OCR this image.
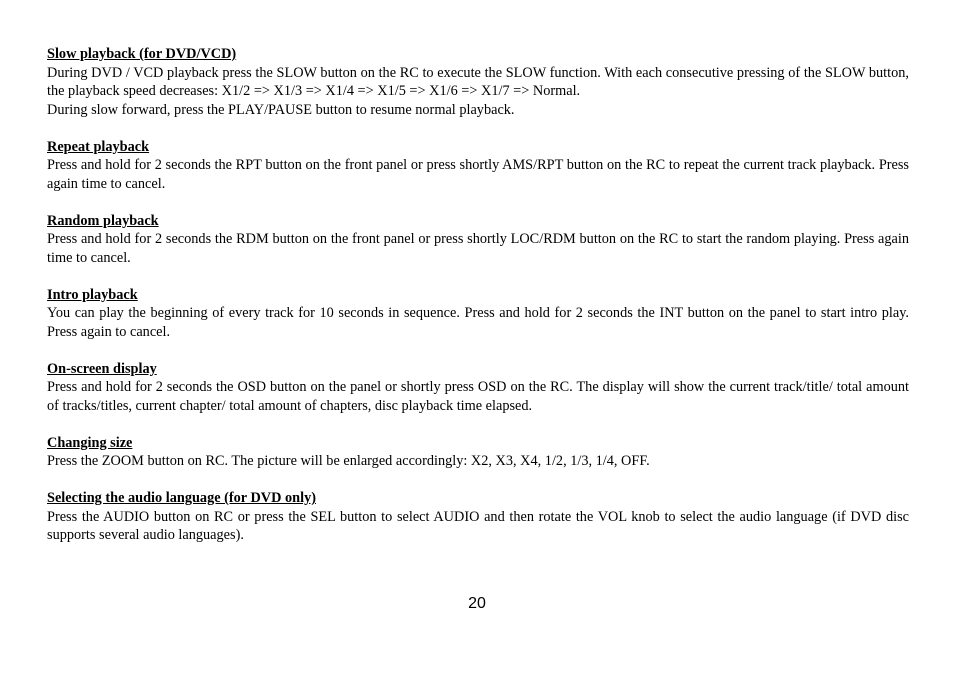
Slow playback (for DVD/VCD)

During DVD / VCD playback press the SLOW button on the RC to execute the SLOW function. With each consecutive pressing of the SLOW button, the playback speed decreases: X1/2 => X1/3 => X1/4 => X1/5 => X1/6 => X1/7 => Normal.

During slow forward, press the PLAY/PAUSE button to resume normal playback.

Repeat playback

Press and hold for 2 seconds the RPT button on the front panel or press shortly AMS/RPT button on the RC to repeat the current track playback. Press again time to cancel.

Random playback

Press and hold for 2 seconds the RDM button on the front panel or press shortly LOC/RDM button on the RC to start the random playing. Press again time to cancel.

Intro playback

You can play the beginning of every track for 10 seconds in sequence. Press and hold for 2 seconds the INT button on the panel to start intro play. Press again to cancel.

On-screen display

Press and hold for 2 seconds the OSD button on the panel or shortly press OSD on the RC. The display will show the current track/title/ total amount of tracks/titles, current chapter/ total amount of chapters, disc playback time elapsed.

Changing size

Press the ZOOM button on RC. The picture will be enlarged accordingly: X2, X3, X4, 1/2, 1/3, 1/4, OFF.

Selecting the audio language (for DVD only)

Press the AUDIO button on RC or press the SEL button to select AUDIO and then rotate the VOL knob to select the audio language (if DVD disc supports several audio languages).

20
